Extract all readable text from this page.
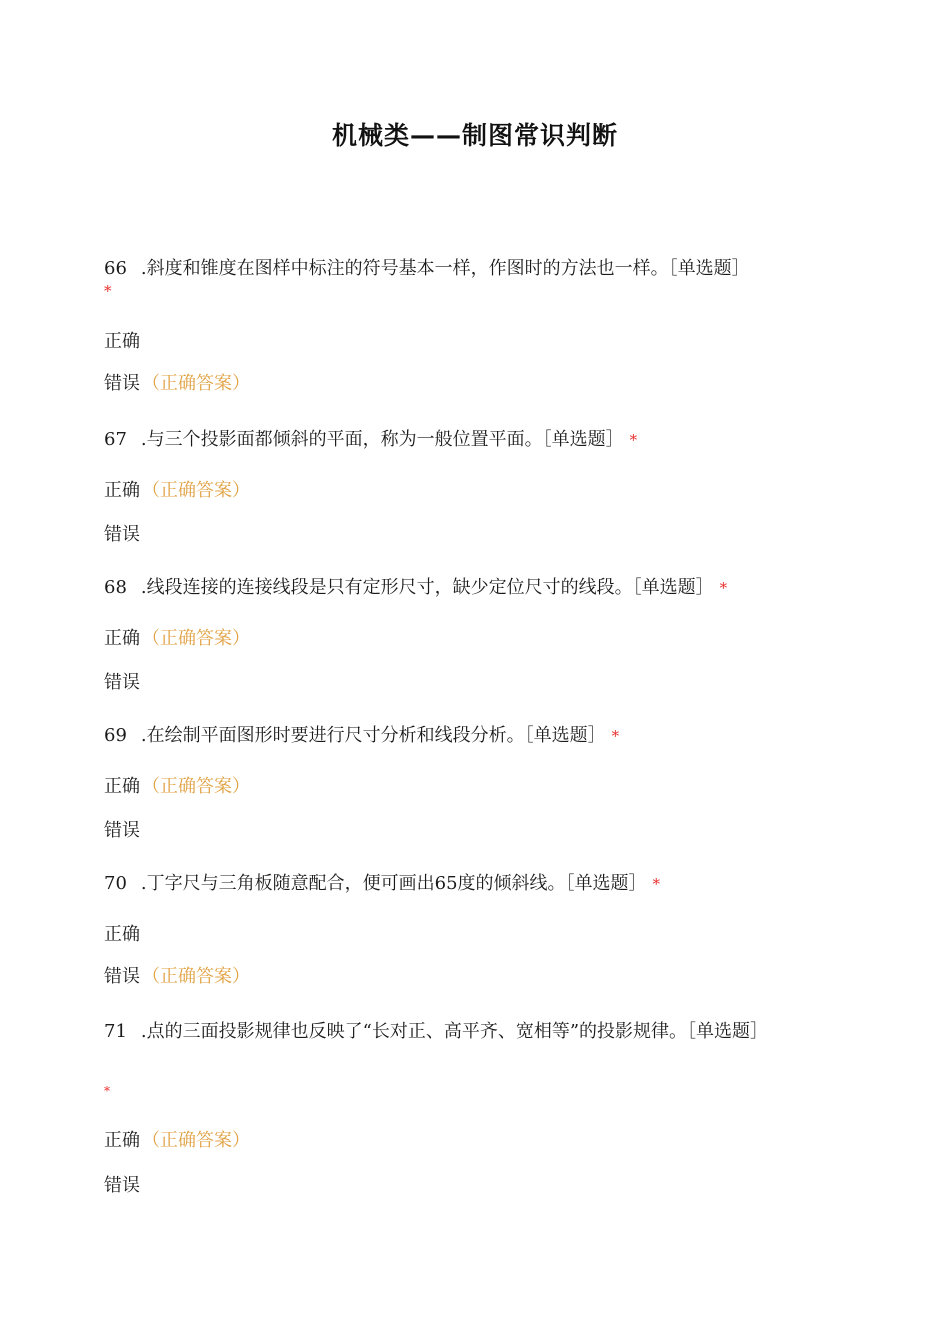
机械类——制图常识判断
66 .斜度和锥度在图样中标注的符号基本一样，作图时的方法也一样。［单选题］
*
正确
错误 （正确答案）
67 .与三个投影面都倾斜的平面，称为一般位置平面。［单选题］ *
正确 （正确答案）
错误
68 .线段连接的连接线段是只有定形尺寸，缺少定位尺寸的线段。［单选题］ *
正确 （正确答案）
错误
69 .在绘制平面图形时要进行尺寸分析和线段分析。［单选题］ *
正确 （正确答案）
错误
70 .丁字尺与三角板随意配合，便可画出65度的倾斜线。［单选题］ *
正确
错误 （正确答案）
71 .点的三面投影规律也反映了“长对正、高平齐、宽相等”的投影规律。［单选题］
*
正确 （正确答案）
错误
